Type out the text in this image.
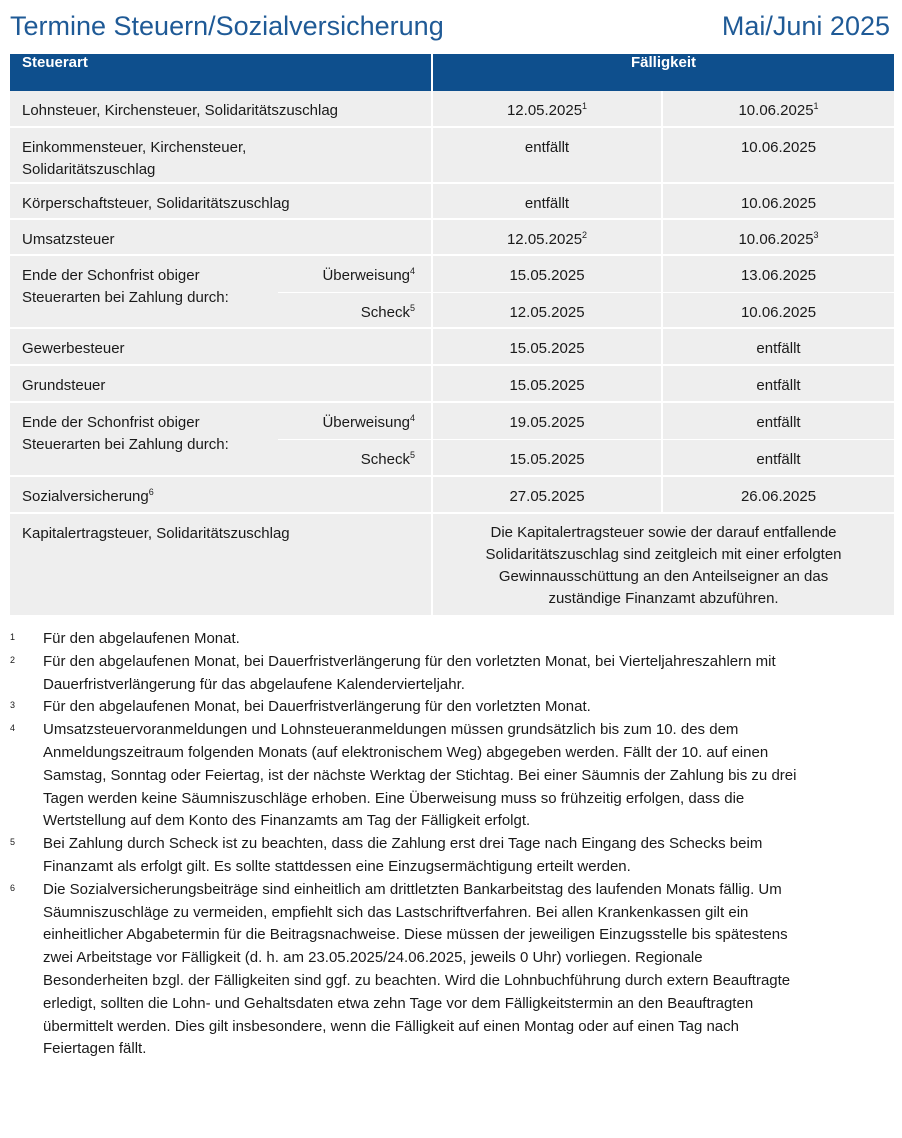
Termine Steuern/Sozialversicherung	Mai/Juni 2025
Steuerart		Fälligkeit	
Lohnsteuer, Kirchensteuer, Solidaritätszuschlag		12.05.2025$^1$	10.06.2025$^1$
Einkommensteuer, Kirchensteuer,
Solidaritätszuschlag		entfällt	10.06.2025
Körperschaftsteuer, Solidaritätszuschlag		entfällt	10.06.2025
Umsatzsteuer		12.05.2025$^2$	10.06.2025$^3$
Ende der Schonfrist obiger
Steuerarten bei Zahlung durch:	Überweisung$^4$	15.05.2025	13.06.2025
	Scheck$^5$	12.05.2025	10.06.2025
Gewerbesteuer		15.05.2025	entfällt
Grundsteuer		15.05.2025	entfällt
Ende der Schonfrist obiger
Steuerarten bei Zahlung durch:	Überweisung$^4$	19.05.2025	entfällt
	Scheck$^5$	15.05.2025	entfällt
Sozialversicherung$^6$		27.05.2025	26.06.2025
Kapitalertragsteuer, Solidaritätszuschlag		Die Kapitalertragsteuer sowie der darauf entfallende
Solidaritätszuschlag sind zeitgleich mit einer erfolgten
Gewinnausschüttung an den Anteilseigner an das
zuständige Finanzamt abzuführen.	
1	Für den abgelaufenen Monat.
2	Für den abgelaufenen Monat, bei Dauerfristverlängerung für den vorletzten Monat, bei Vierteljahreszahlern mit
Dauerfristverlängerung für das abgelaufene Kalendervierteljahr.
3	Für den abgelaufenen Monat, bei Dauerfristverlängerung für den vorletzten Monat.
4	Umsatzsteuervoranmeldungen und Lohnsteueranmeldungen müssen grundsätzlich bis zum 10. des dem
Anmeldungszeitraum folgenden Monats (auf elektronischem Weg) abgegeben werden. Fällt der 10. auf einen
Samstag, Sonntag oder Feiertag, ist der nächste Werktag der Stichtag. Bei einer Säumnis der Zahlung bis zu drei
Tagen werden keine Säumniszuschläge erhoben. Eine Überweisung muss so frühzeitig erfolgen, dass die
Wertstellung auf dem Konto des Finanzamts am Tag der Fälligkeit erfolgt.
5	Bei Zahlung durch Scheck ist zu beachten, dass die Zahlung erst drei Tage nach Eingang des Schecks beim
Finanzamt als erfolgt gilt. Es sollte stattdessen eine Einzugsermächtigung erteilt werden.
6	Die Sozialversicherungsbeiträge sind einheitlich am drittletzten Bankarbeitstag des laufenden Monats fällig. Um
Säumniszuschläge zu vermeiden, empfiehlt sich das Lastschriftverfahren. Bei allen Krankenkassen gilt ein
einheitlicher Abgabetermin für die Beitragsnachweise. Diese müssen der jeweiligen Einzugsstelle bis spätestens
zwei Arbeitstage vor Fälligkeit (d. h. am 23.05.2025/24.06.2025, jeweils 0 Uhr) vorliegen. Regionale
Besonderheiten bzgl. der Fälligkeiten sind ggf. zu beachten. Wird die Lohnbuchführung durch extern Beauftragte
erledigt, sollten die Lohn- und Gehaltsdaten etwa zehn Tage vor dem Fälligkeitstermin an den Beauftragten
übermittelt werden. Dies gilt insbesondere, wenn die Fälligkeit auf einen Montag oder auf einen Tag nach
Feiertagen fällt.
